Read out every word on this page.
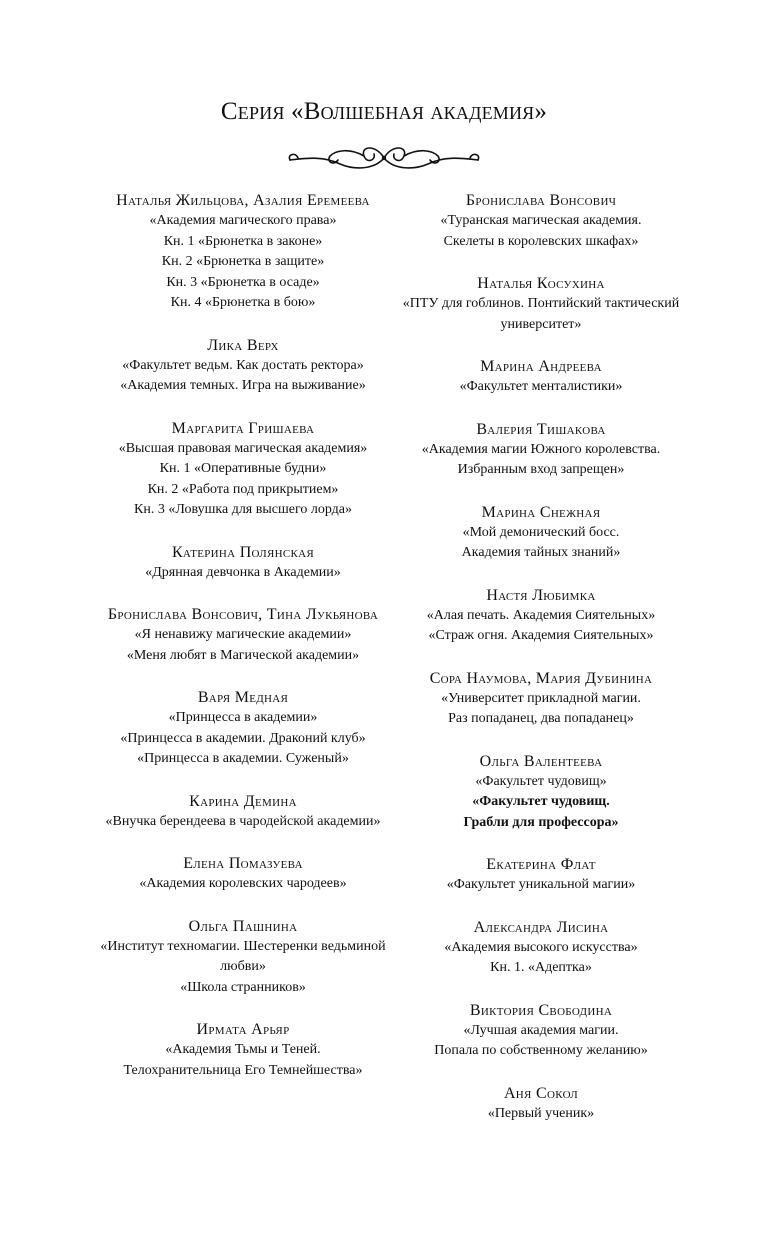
Серия «Волшебная академия»
Наталья Жильцова, Азалия Еремеева
«Академия магического права»
Кн. 1 «Брюнетка в законе»
Кн. 2 «Брюнетка в защите»
Кн. 3 «Брюнетка в осаде»
Кн. 4 «Брюнетка в бою»
Лика Верх
«Факультет ведьм. Как достать ректора»
«Академия темных. Игра на выживание»
Маргарита Гришаева
«Высшая правовая магическая академия»
Кн. 1 «Оперативные будни»
Кн. 2 «Работа под прикрытием»
Кн. 3 «Ловушка для высшего лорда»
Катерина Полянская
«Дрянная девчонка в Академии»
Бронислава Вонсович, Тина Лукьянова
«Я ненавижу магические академии»
«Меня любят в Магической академии»
Варя Медная
«Принцесса в академии»
«Принцесса в академии. Драконий клуб»
«Принцесса в академии. Суженый»
Карина Демина
«Внучка берендеева в чародейской академии»
Елена Помазуева
«Академия королевских чародеев»
Ольга Пашнина
«Институт техномагии. Шестеренки ведьминой любви»
«Школа странников»
Ирмата Арьяр
«Академия Тьмы и Теней.
Телохранительница Его Темнейшества»
Бронислава Вонсович
«Туранская магическая академия.
Скелеты в королевских шкафах»
Наталья Косухина
«ПТУ для гоблинов. Понтийский тактический университет»
Марина Андреева
«Факультет менталистики»
Валерия Тишакова
«Академия магии Южного королевства. Избранным вход запрещен»
Марина Снежная
«Мой демонический босс.
Академия тайных знаний»
Настя Любимка
«Алая печать. Академия Сиятельных»
«Страж огня. Академия Сиятельных»
Сора Наумова, Мария Дубинина
«Университет прикладной магии.
Раз попаданец, два попаданец»
Ольга Валентеева
«Факультет чудовищ»
«Факультет чудовищ.
Грабли для профессора»
Екатерина Флат
«Факультет уникальной магии»
Александра Лисина
«Академия высокого искусства»
Кн. 1. «Адептка»
Виктория Свободина
«Лучшая академия магии.
Попала по собственному желанию»
Аня Сокол
«Первый ученик»
